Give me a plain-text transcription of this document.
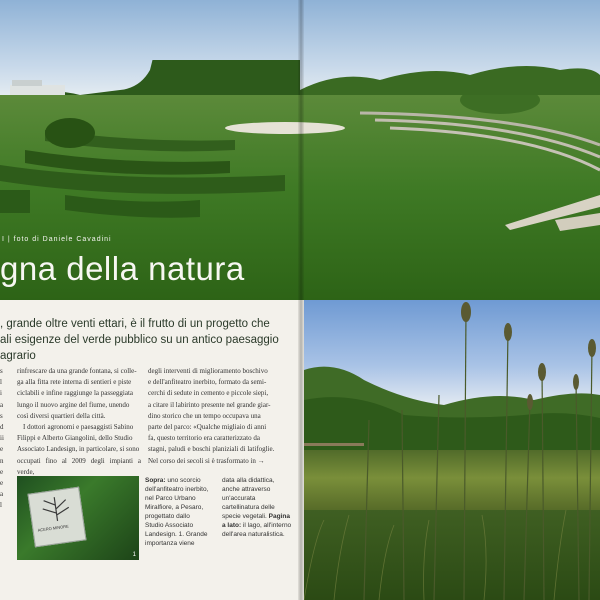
I | foto di Daniele Cavadini
gna della natura
, grande oltre venti ettari, è il frutto di un progetto che
ali esigenze del verde pubblico su un antico paesaggio agrario

s

l

i

a

s

d

ii

e

n

e

e

a

l

rinfrescare da una grande fontana, si colle-

ga alla fitta rete interna di sentieri e piste

ciclabili e infine raggiunge la passeggiata

lungo il nuovo argine del fiume, unendo

così diversi quartieri della città.

I dottori agronomi e paesaggisti Sabino

Filippi e Alberto Giangolini, dello Studio

Associato Landesign, in particolare, si sono

occupati fino al 2009 degli impianti a verde,

degli interventi di miglioramento boschivo

e dell'anfiteatro inerbito, formato da semi-

cerchi di sedute in cemento e piccole siepi,

a citare il labirinto presente nel grande giar-

dino storico che un tempo occupava una

parte del parco: «Qualche migliaio di anni

fa, questo territorio era caratterizzato da

stagni, paludi e boschi planiziali di latifoglie.

Nel corso dei secoli si è trasformato in →

ACERO MINORE
1
Sopra: uno scorcio dell'anfiteatro inerbito, nel Parco Urbano Miralfiore, a Pesaro, progettato dallo Studio Associato Landesign. 1. Grande importanza viene
data alla didattica, anche attraverso un'accurata cartellinatura delle specie vegetali. Pagina a lato: il lago, all'interno dell'area naturalistica.
